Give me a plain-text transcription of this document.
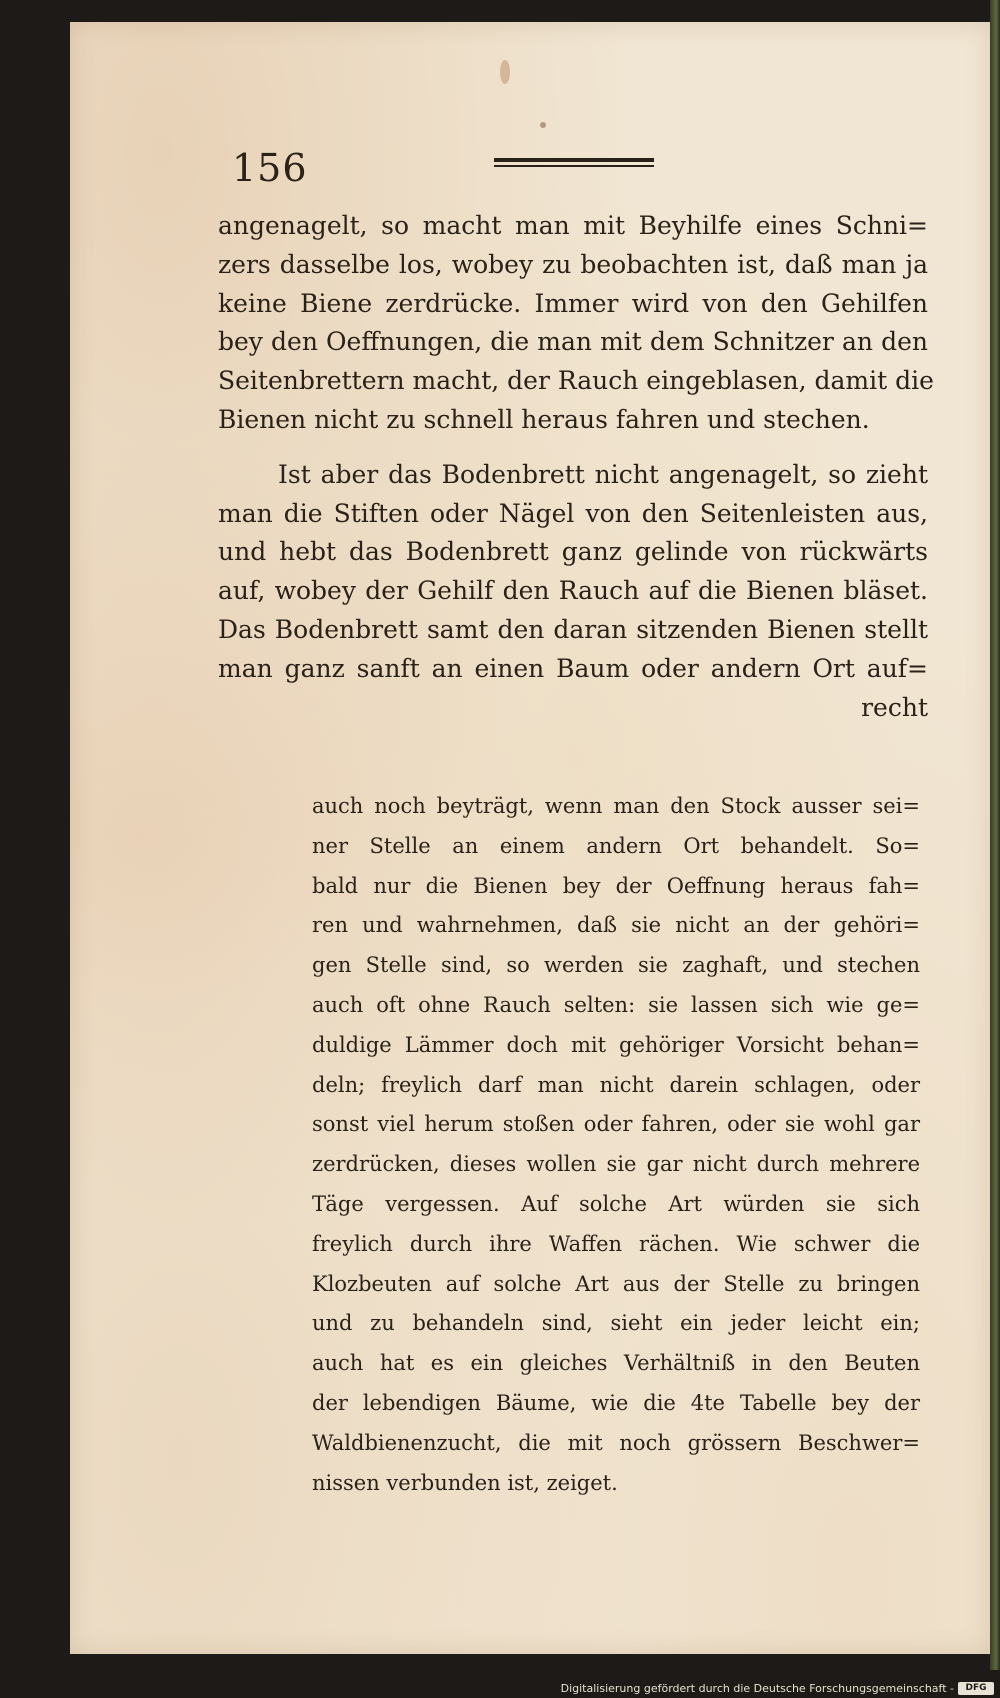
156
angenagelt, so macht man mit Beyhilfe eines Schni=
zers dasselbe los, wobey zu beobachten ist, daß man ja
keine Biene zerdrücke. Immer wird von den Gehilfen
bey den Oeffnungen, die man mit dem Schnitzer an den
Seitenbrettern macht, der Rauch eingeblasen, damit die
Bienen nicht zu schnell heraus fahren und stechen.
Ist aber das Bodenbrett nicht angenagelt, so zieht
man die Stiften oder Nägel von den Seitenleisten aus,
und hebt das Bodenbrett ganz gelinde von rückwärts
auf, wobey der Gehilf den Rauch auf die Bienen bläset.
Das Bodenbrett samt den daran sitzenden Bienen stellt
man ganz sanft an einen Baum oder andern Ort auf=
recht
auch noch beyträgt, wenn man den Stock ausser sei=
ner Stelle an einem andern Ort behandelt. So=
bald nur die Bienen bey der Oeffnung heraus fah=
ren und wahrnehmen, daß sie nicht an der gehöri=
gen Stelle sind, so werden sie zaghaft, und stechen
auch oft ohne Rauch selten: sie lassen sich wie ge=
duldige Lämmer doch mit gehöriger Vorsicht behan=
deln; freylich darf man nicht darein schlagen, oder
sonst viel herum stoßen oder fahren, oder sie wohl gar
zerdrücken, dieses wollen sie gar nicht durch mehrere
Täge vergessen. Auf solche Art würden sie sich
freylich durch ihre Waffen rächen. Wie schwer die
Klozbeuten auf solche Art aus der Stelle zu bringen
und zu behandeln sind, sieht ein jeder leicht ein;
auch hat es ein gleiches Verhältniß in den Beuten
der lebendigen Bäume, wie die 4te Tabelle bey der
Waldbienenzucht, die mit noch grössern Beschwer=
nissen verbunden ist, zeiget.
Digitalisierung gefördert durch die Deutsche Forschungsgemeinschaft -	DFG
